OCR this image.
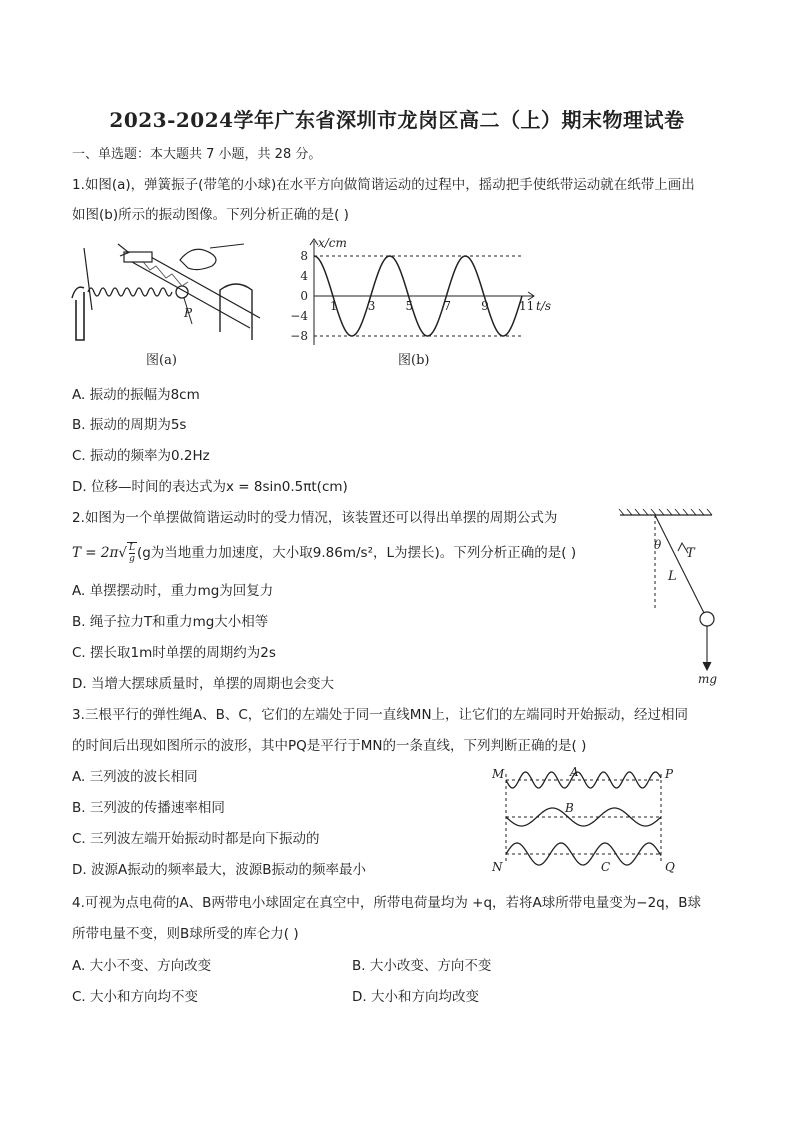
2023-2024学年广东省深圳市龙岗区高二（上）期末物理试卷
一、单选题：本大题共 7 小题，共 28 分。
1.如图(a)，弹簧振子(带笔的小球)在水平方向做简谐运动的过程中，摇动把手使纸带运动就在纸带上画出
如图(b)所示的振动图像。下列分析正确的是( )
P
图(a)
1	3	5	7	9	11
8
4
0
−4
−8
x/cm
t/s
图(b)
A. 振动的振幅为8cm
B. 振动的周期为5s
C. 振动的频率为0.2Hz
D. 位移—时间的表达式为x = 8sin0.5πt(cm)
2.如图为一个单摆做简谐运动时的受力情况，该装置还可以得出单摆的周期公式为
$T = 2\pi√ \frac{L}{g} (g$为当地重力加速度，大小取9.86m/s²，L为摆长)。下列分析正确的是( )	θ
T
L
mg
A. 单摆摆动时，重力mg为回复力
B. 绳子拉力T和重力mg大小相等
C. 摆长取1m时单摆的周期约为2s
D. 当增大摆球质量时，单摆的周期也会变大
3.三根平行的弹性绳A、B、C，它们的左端处于同一直线MN上，让它们的左端同时开始振动，经过相同
的时间后出现如图所示的波形，其中PQ是平行于MN的一条直线，下列判断正确的是( )
M	A	P
B
N	C	Q
A. 三列波的波长相同
B. 三列波的传播速率相同
C. 三列波左端开始振动时都是向下振动的
D. 波源A振动的频率最大，波源B振动的频率最小
4.可视为点电荷的A、B两带电小球固定在真空中，所带电荷量均为 +q，若将A球所带电量变为−2q，B球
所带电量不变，则B球所受的库仑力( )
A. 大小不变、方向改变	B. 大小改变、方向不变
C. 大小和方向均不变	D. 大小和方向均改变
